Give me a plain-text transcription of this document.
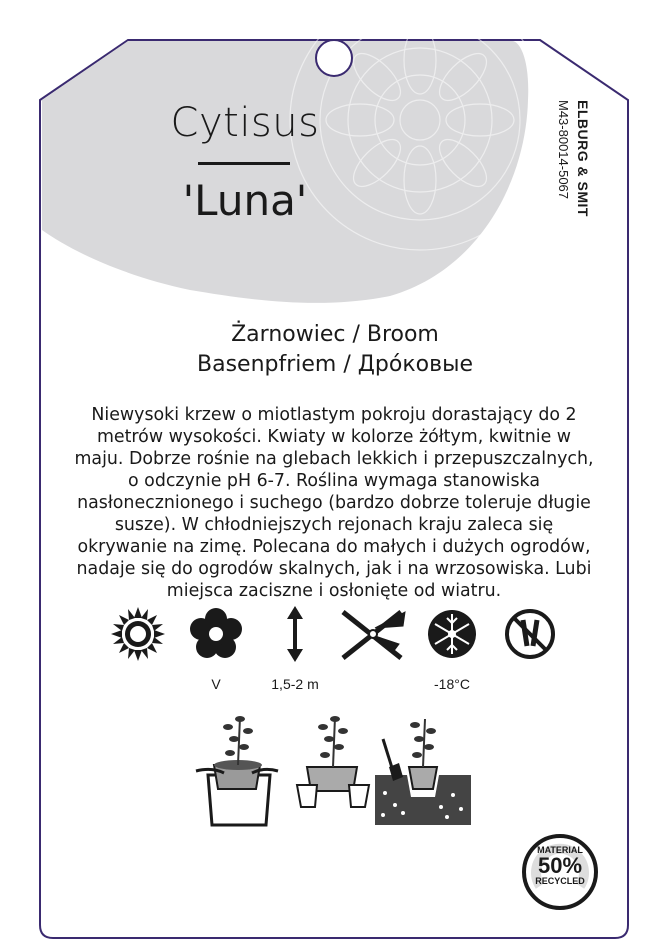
Cytisus
'Luna'	ELBURG & SMIT
M43-80014-5067
Żarnowiec / Broom
Basenpfriem / Дрóковые
Niewysoki krzew o miotlastym pokroju dorastający do 2 metrów wysokości. Kwiaty w kolorze żółtym, kwitnie w maju. Dobrze rośnie na glebach lekkich i przepuszczalnych, o odczynie pH 6-7. Roślina wymaga stanowiska nasłonecznionego i suchego (bardzo dobrze toleruje długie susze). W chłodniejszych rejonach kraju zaleca się okrywanie na zimę. Polecana do małych i dużych ogrodów, nadaje się do ogrodów skalnych, jak i na wrzosowiska. Lubi miejsca zaciszne i osłonięte od wiatru.
V	1,5-2 m	-18°C
MATERIAL
50%
RECYCLED
